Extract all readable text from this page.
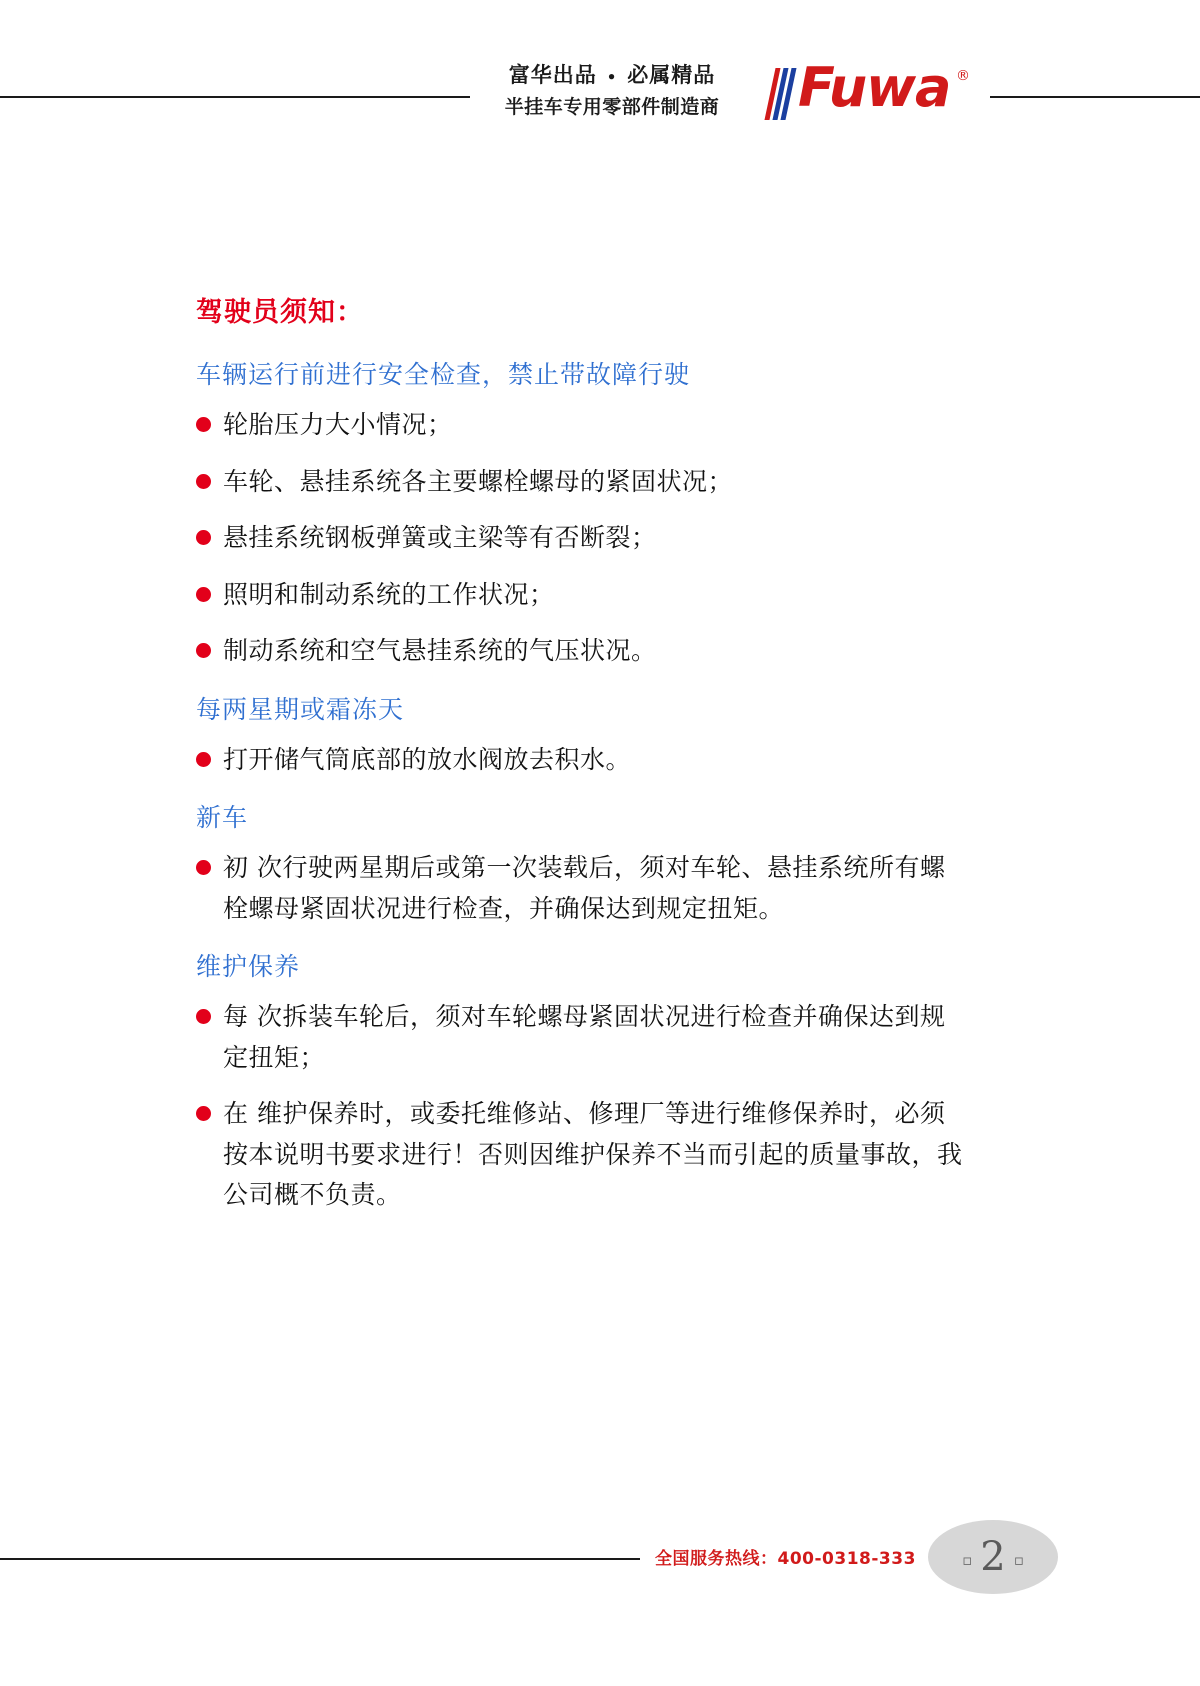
富华出品 • 必属精品
半挂车专用零部件制造商	Fuwa ®
驾驶员须知：
车辆运行前进行安全检查，禁止带故障行驶
轮胎压力大小情况；
车轮、悬挂系统各主要螺栓螺母的紧固状况；
悬挂系统钢板弹簧或主梁等有否断裂；
照明和制动系统的工作状况；
制动系统和空气悬挂系统的气压状况。
每两星期或霜冻天
打开储气筒底部的放水阀放去积水。
新车
初 次行驶两星期后或第一次装载后，须对车轮、悬挂系统所有螺栓螺母紧固状况进行检查，并确保达到规定扭矩。
维护保养
每 次拆装车轮后，须对车轮螺母紧固状况进行检查并确保达到规定扭矩；
在 维护保养时，或委托维修站、修理厂等进行维修保养时，必须按本说明书要求进行！否则因维护保养不当而引起的质量事故，我公司概不负责。
全国服务热线：400-0318-333	▫ 2 ▫
